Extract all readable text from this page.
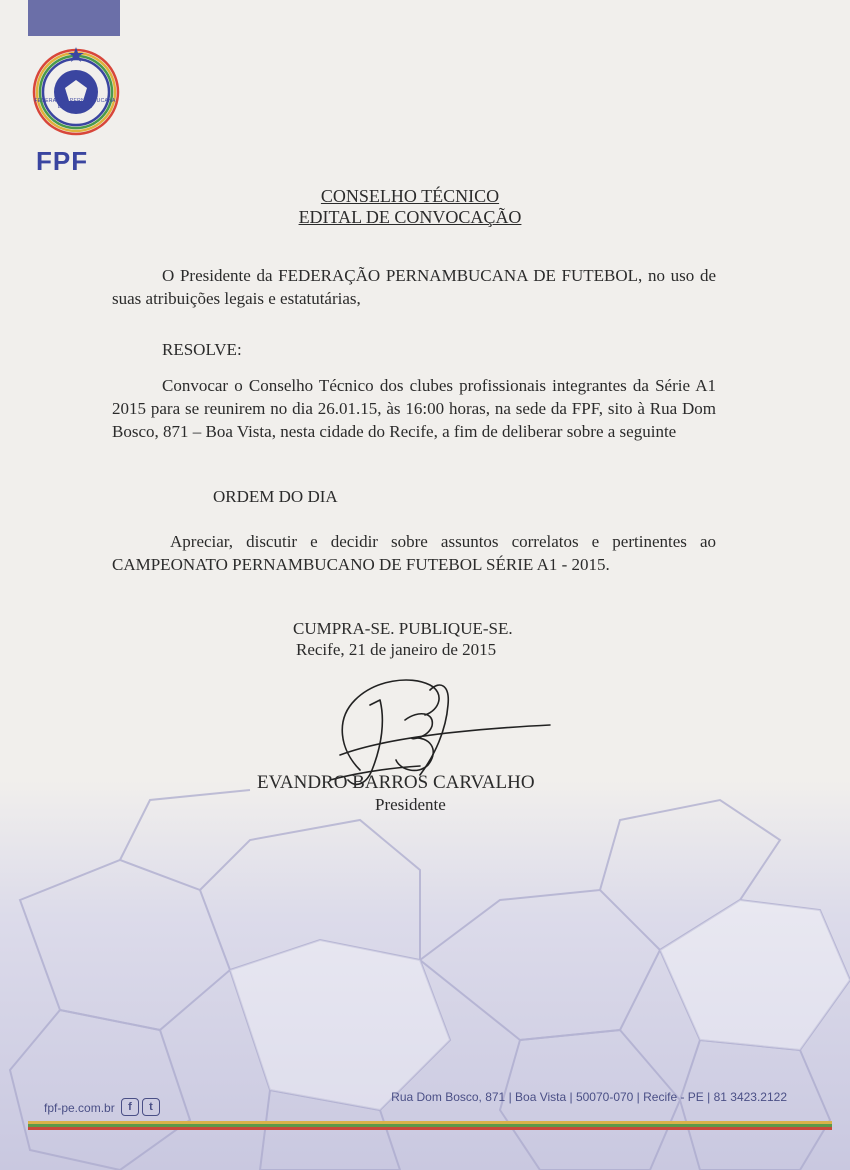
FEDERAÇÃO PERNAMBUCANA DE FUTEBOL
FPF
CONSELHO TÉCNICO
EDITAL DE CONVOCAÇÃO
O Presidente da FEDERAÇÃO PERNAMBUCANA DE FUTEBOL, no uso de suas atribuições legais e estatutárias,
RESOLVE:
Convocar o Conselho Técnico dos clubes profissionais integrantes da Série A1 2015 para se reunirem no dia 26.01.15, às 16:00 horas, na sede da FPF, sito à Rua Dom Bosco, 871 – Boa Vista, nesta cidade do Recife, a fim de deliberar sobre a seguinte
ORDEM DO DIA
Apreciar, discutir e decidir sobre assuntos correlatos e pertinentes ao CAMPEONATO PERNAMBUCANO DE FUTEBOL SÉRIE A1 - 2015.
CUMPRA-SE. PUBLIQUE-SE.
Recife, 21 de janeiro de 2015
EVANDRO BARROS CARVALHO
Presidente
fpf-pe.com.br	f	t
Rua Dom Bosco, 871 | Boa Vista | 50070-070 | Recife - PE | 81 3423.2122
